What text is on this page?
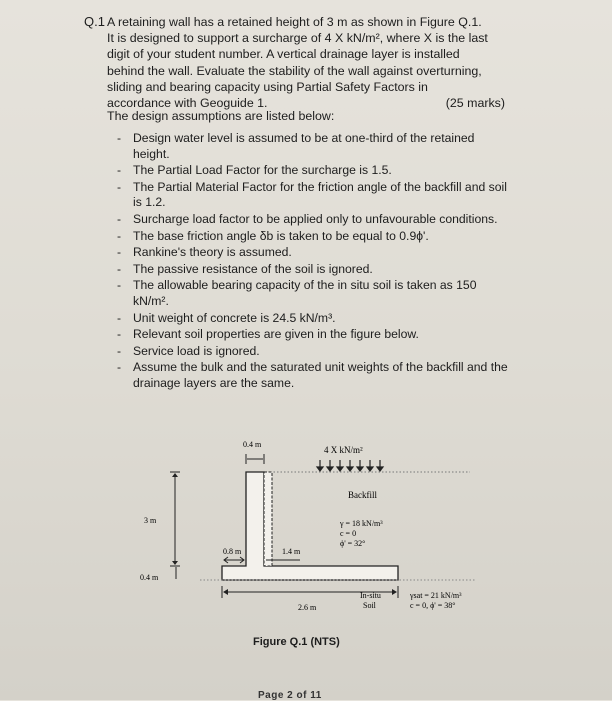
Q.1 A retaining wall has a retained height of 3 m as shown in Figure Q.1.
It is designed to support a surcharge of 4 X kN/m², where X is the last
digit of your student number. A vertical drainage layer is installed
behind the wall. Evaluate the stability of the wall against overturning,
sliding and bearing capacity using Partial Safety Factors in
accordance with Geoguide 1.	(25 marks)
The design assumptions are listed below:
- Design water level is assumed to be at one-third of the retained height.
- The Partial Load Factor for the surcharge is 1.5.
- The Partial Material Factor for the friction angle of the backfill and soil is 1.2.
- Surcharge load factor to be applied only to unfavourable conditions.
- The base friction angle δb is taken to be equal to 0.9ϕ'.
- Rankine's theory is assumed.
- The passive resistance of the soil is ignored.
- The allowable bearing capacity of the in situ soil is taken as 150 kN/m².
- Unit weight of concrete is 24.5 kN/m³.
- Relevant soil properties are given in the figure below.
- Service load is ignored.
- Assume the bulk and the saturated unit weights of the backfill and the drainage layers are the same.
4 X kN/m²
0.4 m
3 m
0.4 m
0.8 m	1.4 m
2.6 m
Backfill
γ = 18 kN/m³
c = 0
ϕ' = 32°
In-situ
Soil
γsat = 21 kN/m³
c = 0, ϕ' = 38°
Figure Q.1 (NTS)
Page 2 of 11
